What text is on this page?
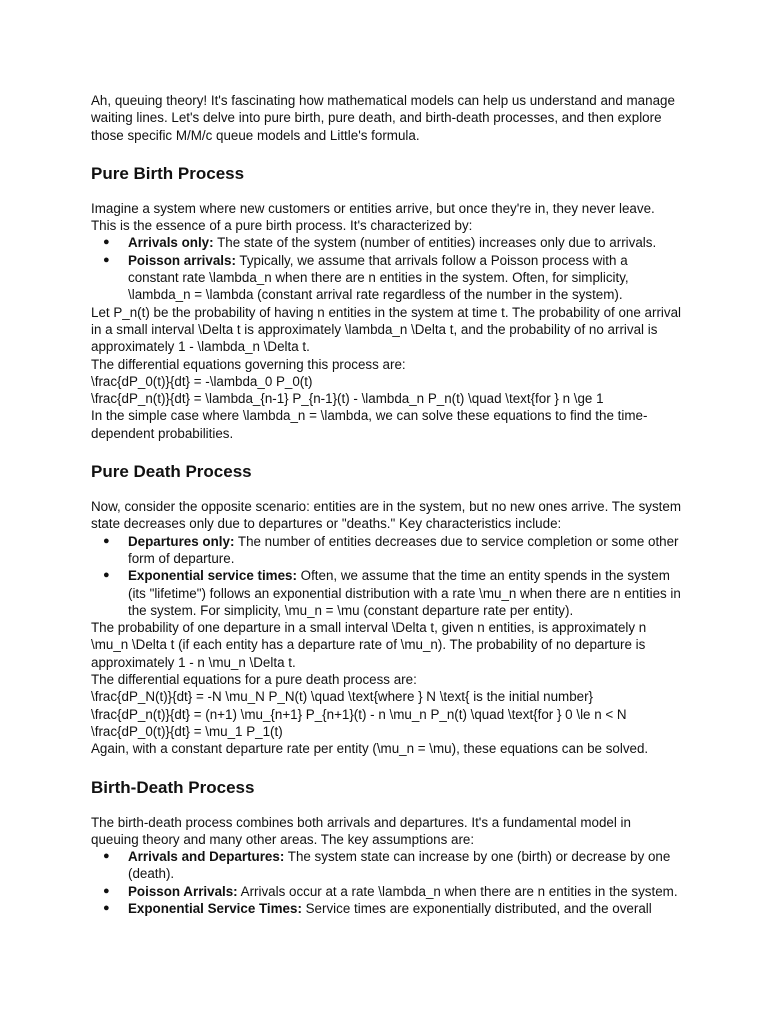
Ah, queuing theory! It's fascinating how mathematical models can help us understand and manage waiting lines. Let's delve into pure birth, pure death, and birth-death processes, and then explore those specific M/M/c queue models and Little's formula.

Pure Birth Process

Imagine a system where new customers or entities arrive, but once they're in, they never leave. This is the essence of a pure birth process. It's characterized by:

● Arrivals only: The state of the system (number of entities) increases only due to arrivals.
● Poisson arrivals: Typically, we assume that arrivals follow a Poisson process with a constant rate \lambda_n when there are n entities in the system. Often, for simplicity, \lambda_n = \lambda (constant arrival rate regardless of the number in the system).

Let P_n(t) be the probability of having n entities in the system at time t. The probability of one arrival in a small interval \Delta t is approximately \lambda_n \Delta t, and the probability of no arrival is approximately 1 - \lambda_n \Delta t.

The differential equations governing this process are:

\frac{dP_0(t)}{dt} = -\lambda_0 P_0(t)

\frac{dP_n(t)}{dt} = \lambda_{n-1} P_{n-1}(t) - \lambda_n P_n(t) \quad \text{for } n \ge 1

In the simple case where \lambda_n = \lambda, we can solve these equations to find the time-dependent probabilities.

Pure Death Process

Now, consider the opposite scenario: entities are in the system, but no new ones arrive. The system state decreases only due to departures or "deaths." Key characteristics include:

● Departures only: The number of entities decreases due to service completion or some other form of departure.
● Exponential service times: Often, we assume that the time an entity spends in the system (its "lifetime") follows an exponential distribution with a rate \mu_n when there are n entities in the system. For simplicity, \mu_n = \mu (constant departure rate per entity).

The probability of one departure in a small interval \Delta t, given n entities, is approximately n \mu_n \Delta t (if each entity has a departure rate of \mu_n). The probability of no departure is approximately 1 - n \mu_n \Delta t.

The differential equations for a pure death process are:

\frac{dP_N(t)}{dt} = -N \mu_N P_N(t) \quad \text{where } N \text{ is the initial number}

\frac{dP_n(t)}{dt} = (n+1) \mu_{n+1} P_{n+1}(t) - n \mu_n P_n(t) \quad \text{for } 0 \le n < N

\frac{dP_0(t)}{dt} = \mu_1 P_1(t)

Again, with a constant departure rate per entity (\mu_n = \mu), these equations can be solved.

Birth-Death Process

The birth-death process combines both arrivals and departures. It's a fundamental model in queuing theory and many other areas. The key assumptions are:

● Arrivals and Departures: The system state can increase by one (birth) or decrease by one (death).
● Poisson Arrivals: Arrivals occur at a rate \lambda_n when there are n entities in the system.
● Exponential Service Times: Service times are exponentially distributed, and the overall
